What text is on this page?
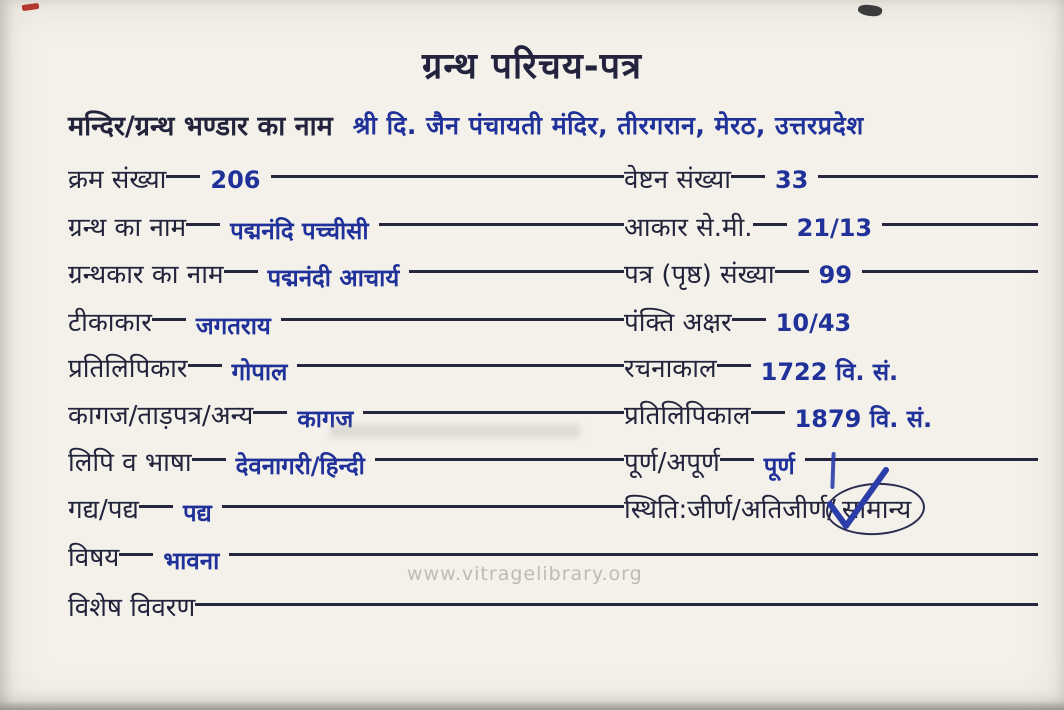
ग्रन्थ परिचय-पत्र
मन्दिर/ग्रन्थ भण्डार का नाम श्री दि. जैन पंचायती मंदिर, तीरगरान, मेरठ, उत्तरप्रदेश
क्रम संख्या	206	वेष्टन संख्या	33
ग्रन्थ का नाम	पद्मनंदि पच्चीसी	आकार से.मी.	21/13
ग्रन्थकार का नाम	पद्मनंदी आचार्य	पत्र (पृष्ठ) संख्या	99
टीकाकार	जगतराय	पंक्ति अक्षर	10/43
प्रतिलिपिकार	गोपाल	रचनाकाल	1722 वि. सं.
कागज/ताड़पत्र/अन्य	कागज	प्रतिलिपिकाल	1879 वि. सं.
लिपि व भाषा	देवनागरी/हिन्दी	पूर्ण/अपूर्ण	पूर्ण
गद्य/पद्य	पद्य	स्थिति:जीर्ण/अतिजीर्ण/ सामान्य
विषय	भावना
विशेष विवरण
www.vitragelibrary.org
